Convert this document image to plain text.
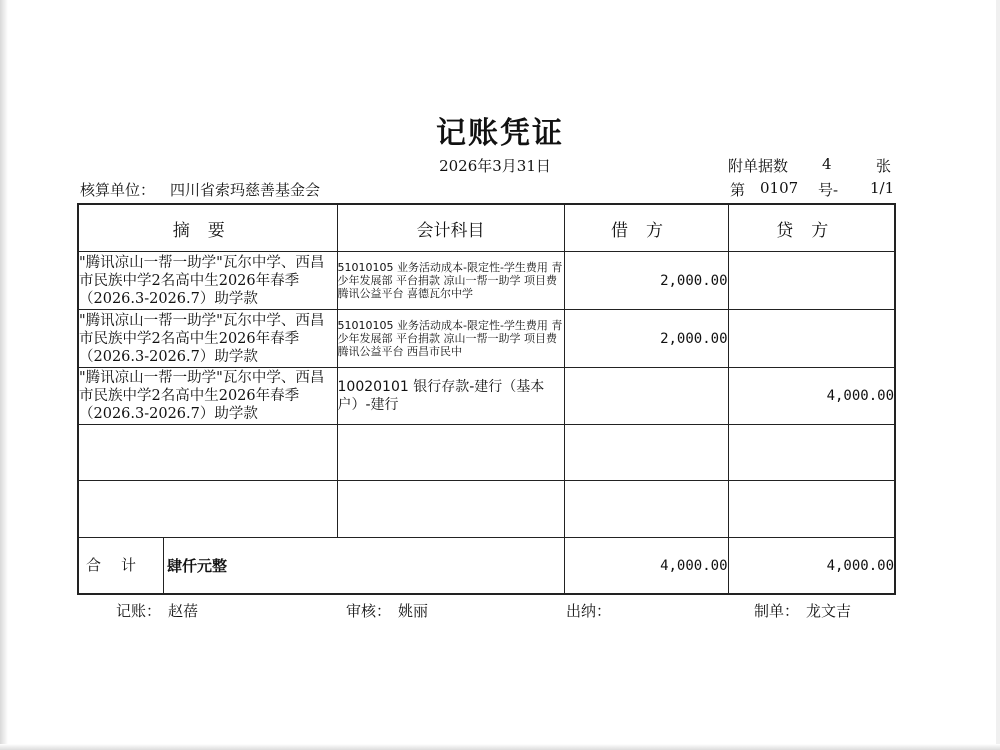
记账凭证
2026年3月31日	附单据数 4	张
核算单位： 四川省索玛慈善基金会	第 0107 号- 1/1
摘要	会计科目	借方	贷方
"腾讯凉山一帮一助学"瓦尔中学、西昌市民族中学2名高中生2026年春季（2026.3-2026.7）助学款	51010105 业务活动成本-限定性-学生费用 青少年发展部 平台捐款 凉山一帮一助学 项目费 腾讯公益平台 喜德瓦尔中学	2,000.00	
"腾讯凉山一帮一助学"瓦尔中学、西昌市民族中学2名高中生2026年春季（2026.3-2026.7）助学款	51010105 业务活动成本-限定性-学生费用 青少年发展部 平台捐款 凉山一帮一助学 项目费 腾讯公益平台 西昌市民中	2,000.00	
"腾讯凉山一帮一助学"瓦尔中学、西昌市民族中学2名高中生2026年春季（2026.3-2026.7）助学款	10020101 银行存款-建行（基本户）-建行		4,000.00

合计 肆仟元整		4,000.00	4,000.00
记账： 赵蓓	审核： 姚丽	出纳：	制单： 龙文吉
